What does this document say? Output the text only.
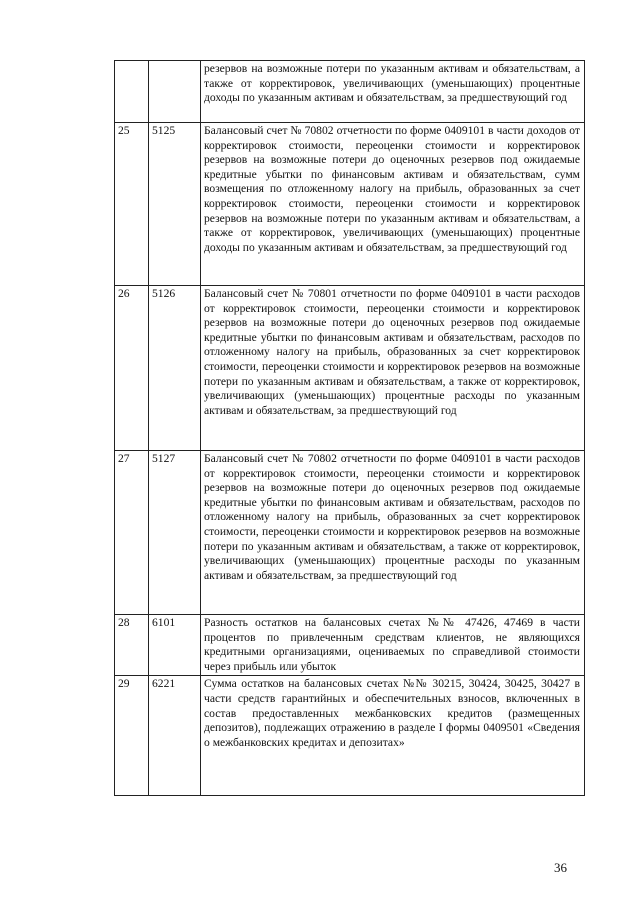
		резервов на возможные потери по указанным активам и обязательствам, а также от корректировок, увеличивающих (уменьшающих) процентные доходы по указанным активам и обязательствам, за предшествующий год
25	5125	Балансовый счет № 70802 отчетности по форме 0409101 в части доходов от корректировок стоимости, переоценки стоимости и корректировок резервов на возможные потери до оценочных резервов под ожидаемые кредитные убытки по финансовым активам и обязательствам, сумм возмещения по отложенному налогу на прибыль, образованных за счет корректировок стоимости, переоценки стоимости и корректировок резервов на возможные потери по указанным активам и обязательствам, а также от корректировок, увеличивающих (уменьшающих) процентные доходы по указанным активам и обязательствам, за предшествующий год
26	5126	Балансовый счет № 70801 отчетности по форме 0409101 в части расходов от корректировок стоимости, переоценки стоимости и корректировок резервов на возможные потери до оценочных резервов под ожидаемые кредитные убытки по финансовым активам и обязательствам, расходов по отложенному налогу на прибыль, образованных за счет корректировок стоимости, переоценки стоимости и корректировок резервов на возможные потери по указанным активам и обязательствам, а также от корректировок, увеличивающих (уменьшающих) процентные расходы по указанным активам и обязательствам, за предшествующий год
27	5127	Балансовый счет № 70802 отчетности по форме 0409101 в части расходов от корректировок стоимости, переоценки стоимости и корректировок резервов на возможные потери до оценочных резервов под ожидаемые кредитные убытки по финансовым активам и обязательствам, расходов по отложенному налогу на прибыль, образованных за счет корректировок стоимости, переоценки стоимости и корректировок резервов на возможные потери по указанным активам и обязательствам, а также от корректировок, увеличивающих (уменьшающих) процентные расходы по указанным активам и обязательствам, за предшествующий год
28	6101	Разность остатков на балансовых счетах №№ 47426, 47469 в части процентов по привлеченным средствам клиентов, не являющихся кредитными организациями, оцениваемых по справедливой стоимости через прибыль или убыток
29	6221	Сумма остатков на балансовых счетах №№ 30215, 30424, 30425, 30427 в части средств гарантийных и обеспечительных взносов, включенных в состав предоставленных межбанковских кредитов (размещенных депозитов), подлежащих отражению в разделе I формы 0409501 «Сведения о межбанковских кредитах и депозитах»
36
